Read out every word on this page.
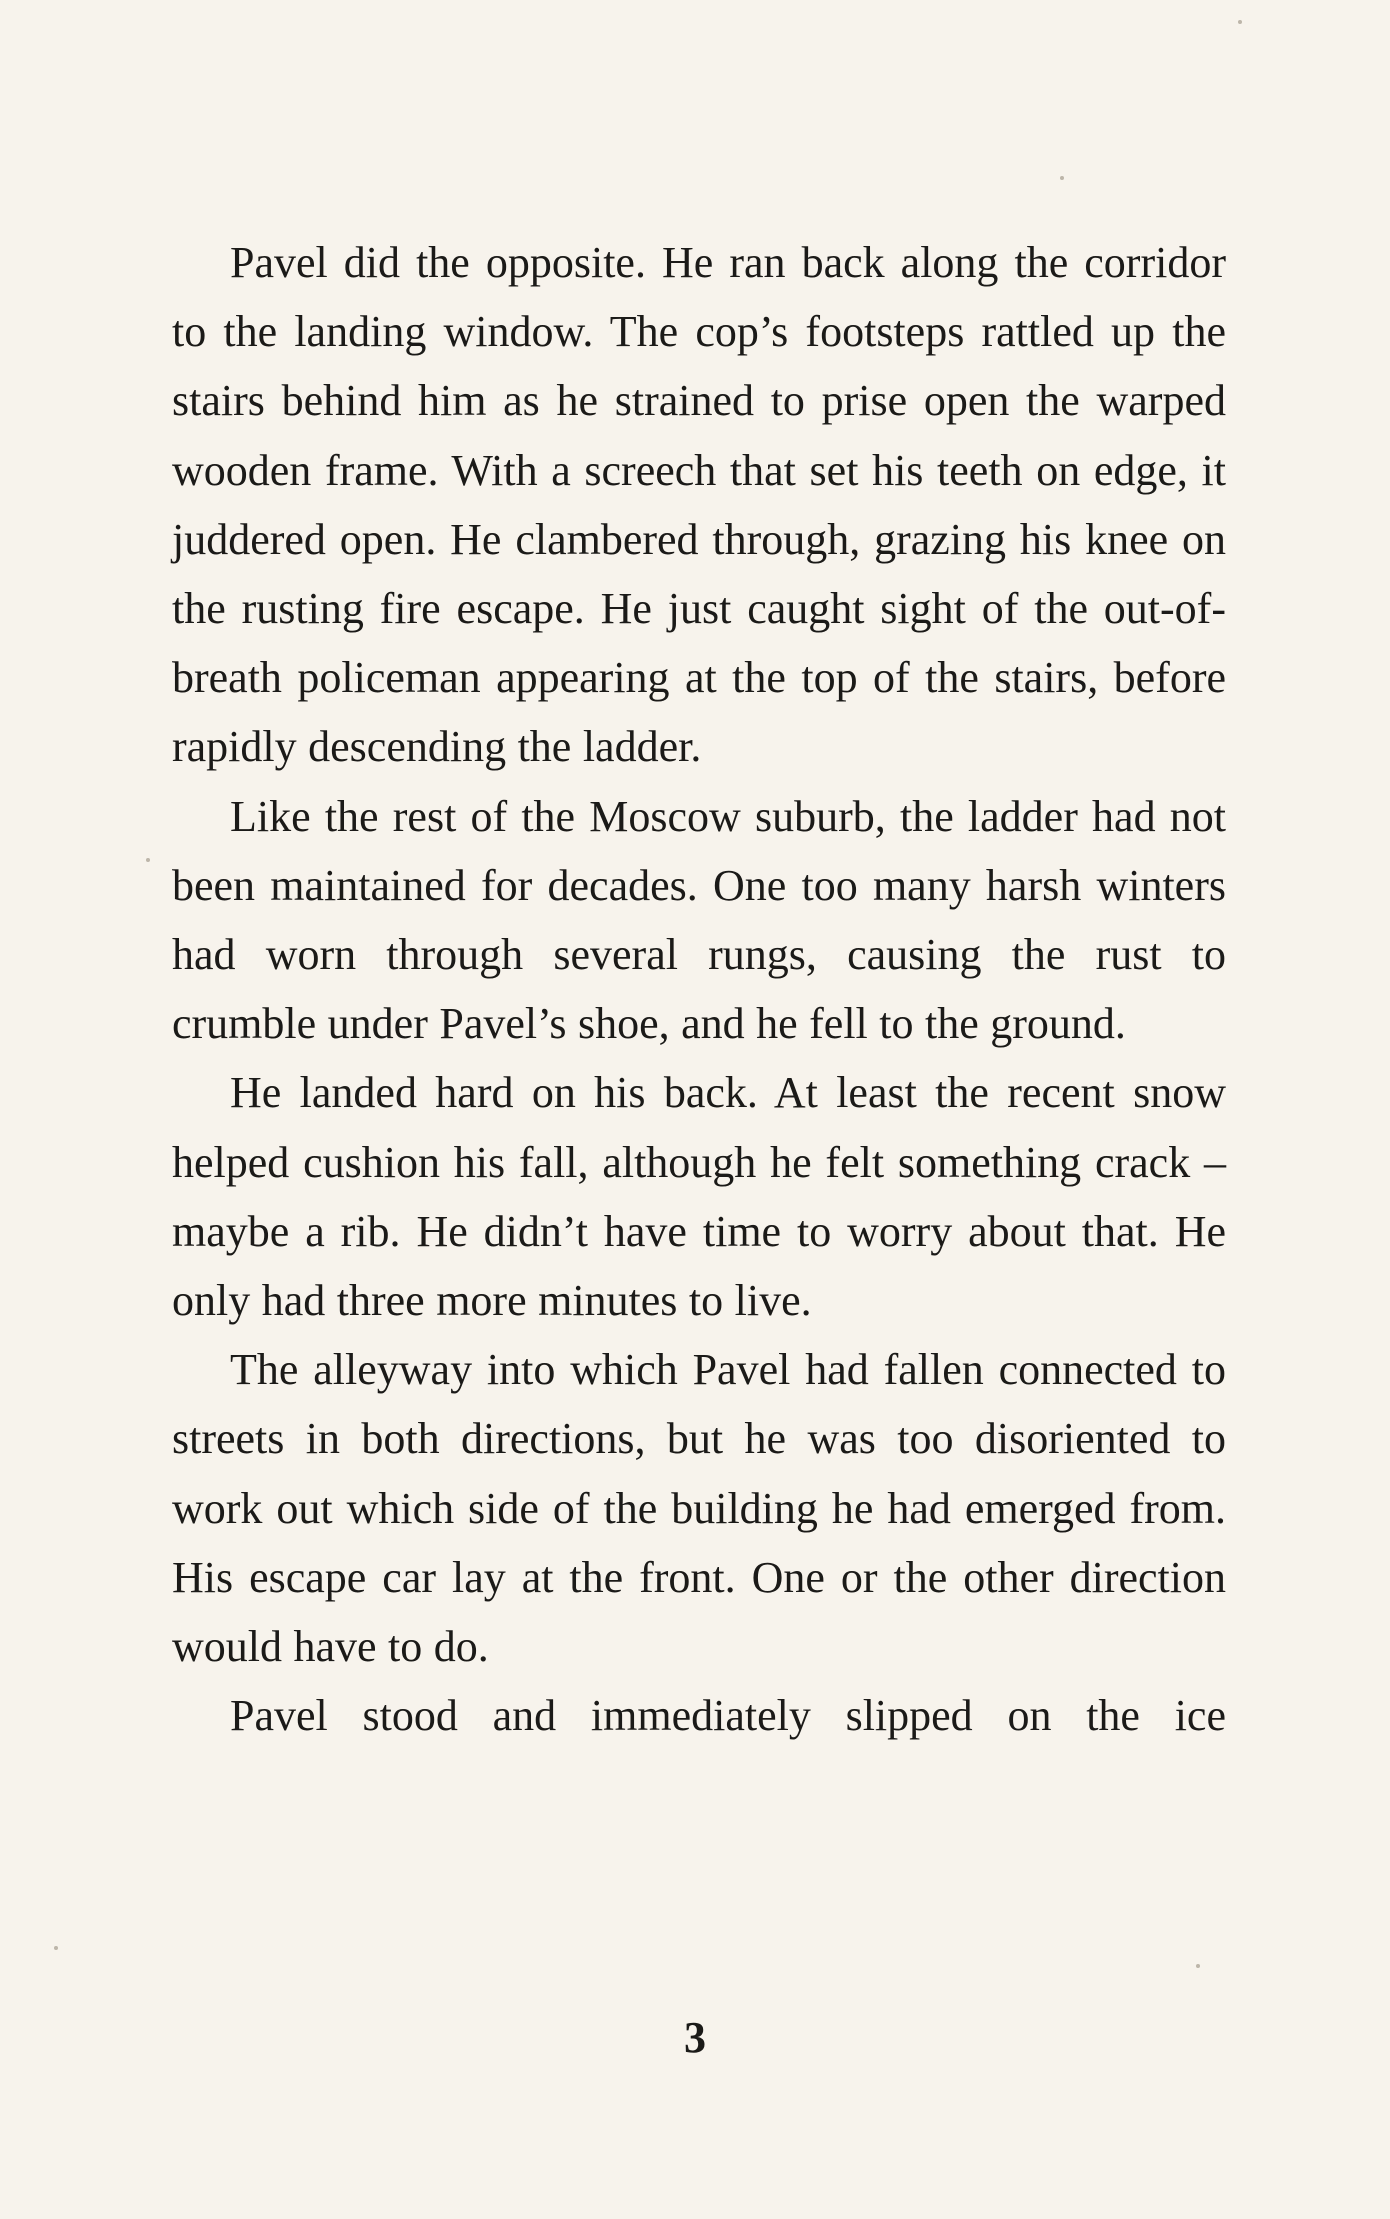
Pavel did the opposite. He ran back along the corridor to the landing window. The cop’s footsteps rattled up the stairs behind him as he strained to prise open the warped wooden frame. With a screech that set his teeth on edge, it juddered open. He clambered through, grazing his knee on the rusting fire escape. He just caught sight of the out-of-breath policeman appearing at the top of the stairs, before rapidly descending the ladder.

Like the rest of the Moscow suburb, the ladder had not been maintained for decades. One too many harsh winters had worn through several rungs, causing the rust to crumble under Pavel’s shoe, and he fell to the ground.

He landed hard on his back. At least the recent snow helped cushion his fall, although he felt something crack – maybe a rib. He didn’t have time to worry about that. He only had three more minutes to live.

The alleyway into which Pavel had fallen connected to streets in both directions, but he was too disoriented to work out which side of the building he had emerged from. His escape car lay at the front. One or the other direction would have to do.

Pavel stood and immediately slipped on the ice

3
